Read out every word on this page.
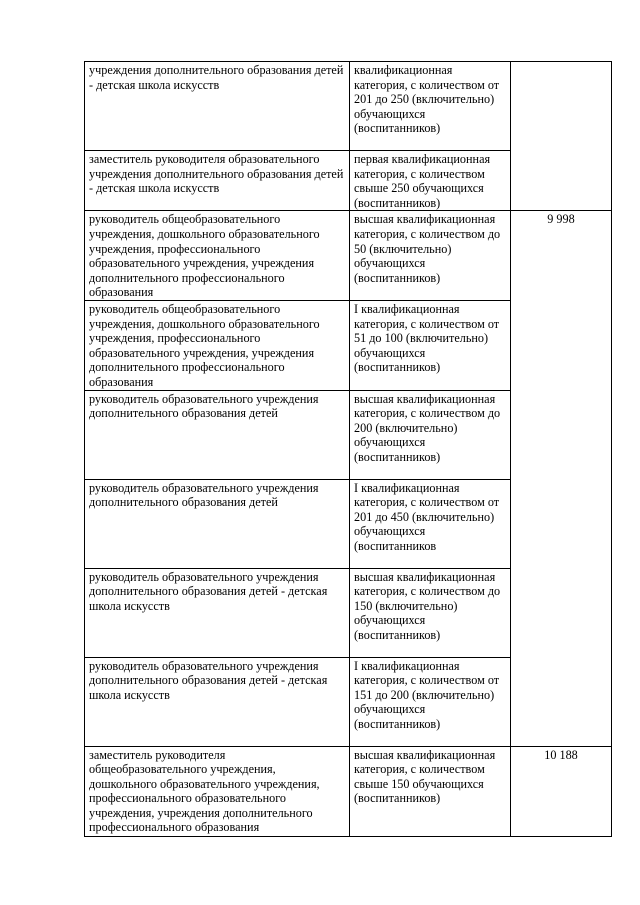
учреждения дополнительного образования детей - детская школа искусств	квалификационная категория, с количеством от 201 до 250 (включительно) обучающихся (воспитанников)	
заместитель руководителя образовательного учреждения дополнительного образования детей - детская школа искусств	первая квалификационная категория, с количеством свыше 250 обучающихся (воспитанников)	
руководитель общеобразовательного учреждения, дошкольного образовательного учреждения, профессионального образовательного учреждения, учреждения дополнительного профессионального образования	высшая квалификационная категория, с количеством до 50 (включительно) обучающихся (воспитанников)	9 998
руководитель общеобразовательного учреждения, дошкольного образовательного учреждения, профессионального образовательного учреждения, учреждения дополнительного профессионального образования	I квалификационная категория, с количеством от 51 до 100 (включительно) обучающихся (воспитанников)	
руководитель образовательного учреждения дополнительного образования детей	высшая квалификационная категория, с количеством до 200 (включительно) обучающихся (воспитанников)	
руководитель образовательного учреждения дополнительного образования детей	I квалификационная категория, с количеством от 201 до 450 (включительно) обучающихся (воспитанников	
руководитель образовательного учреждения дополнительного образования детей - детская школа искусств	высшая квалификационная категория, с количеством до 150 (включительно) обучающихся (воспитанников)	
руководитель образовательного учреждения дополнительного образования детей - детская школа искусств	I квалификационная категория, с количеством от 151 до 200 (включительно) обучающихся (воспитанников)	
заместитель руководителя общеобразовательного учреждения, дошкольного образовательного учреждения, профессионального образовательного учреждения, учреждения дополнительного профессионального образования	высшая квалификационная категория, с количеством свыше 150 обучающихся (воспитанников)	10 188
